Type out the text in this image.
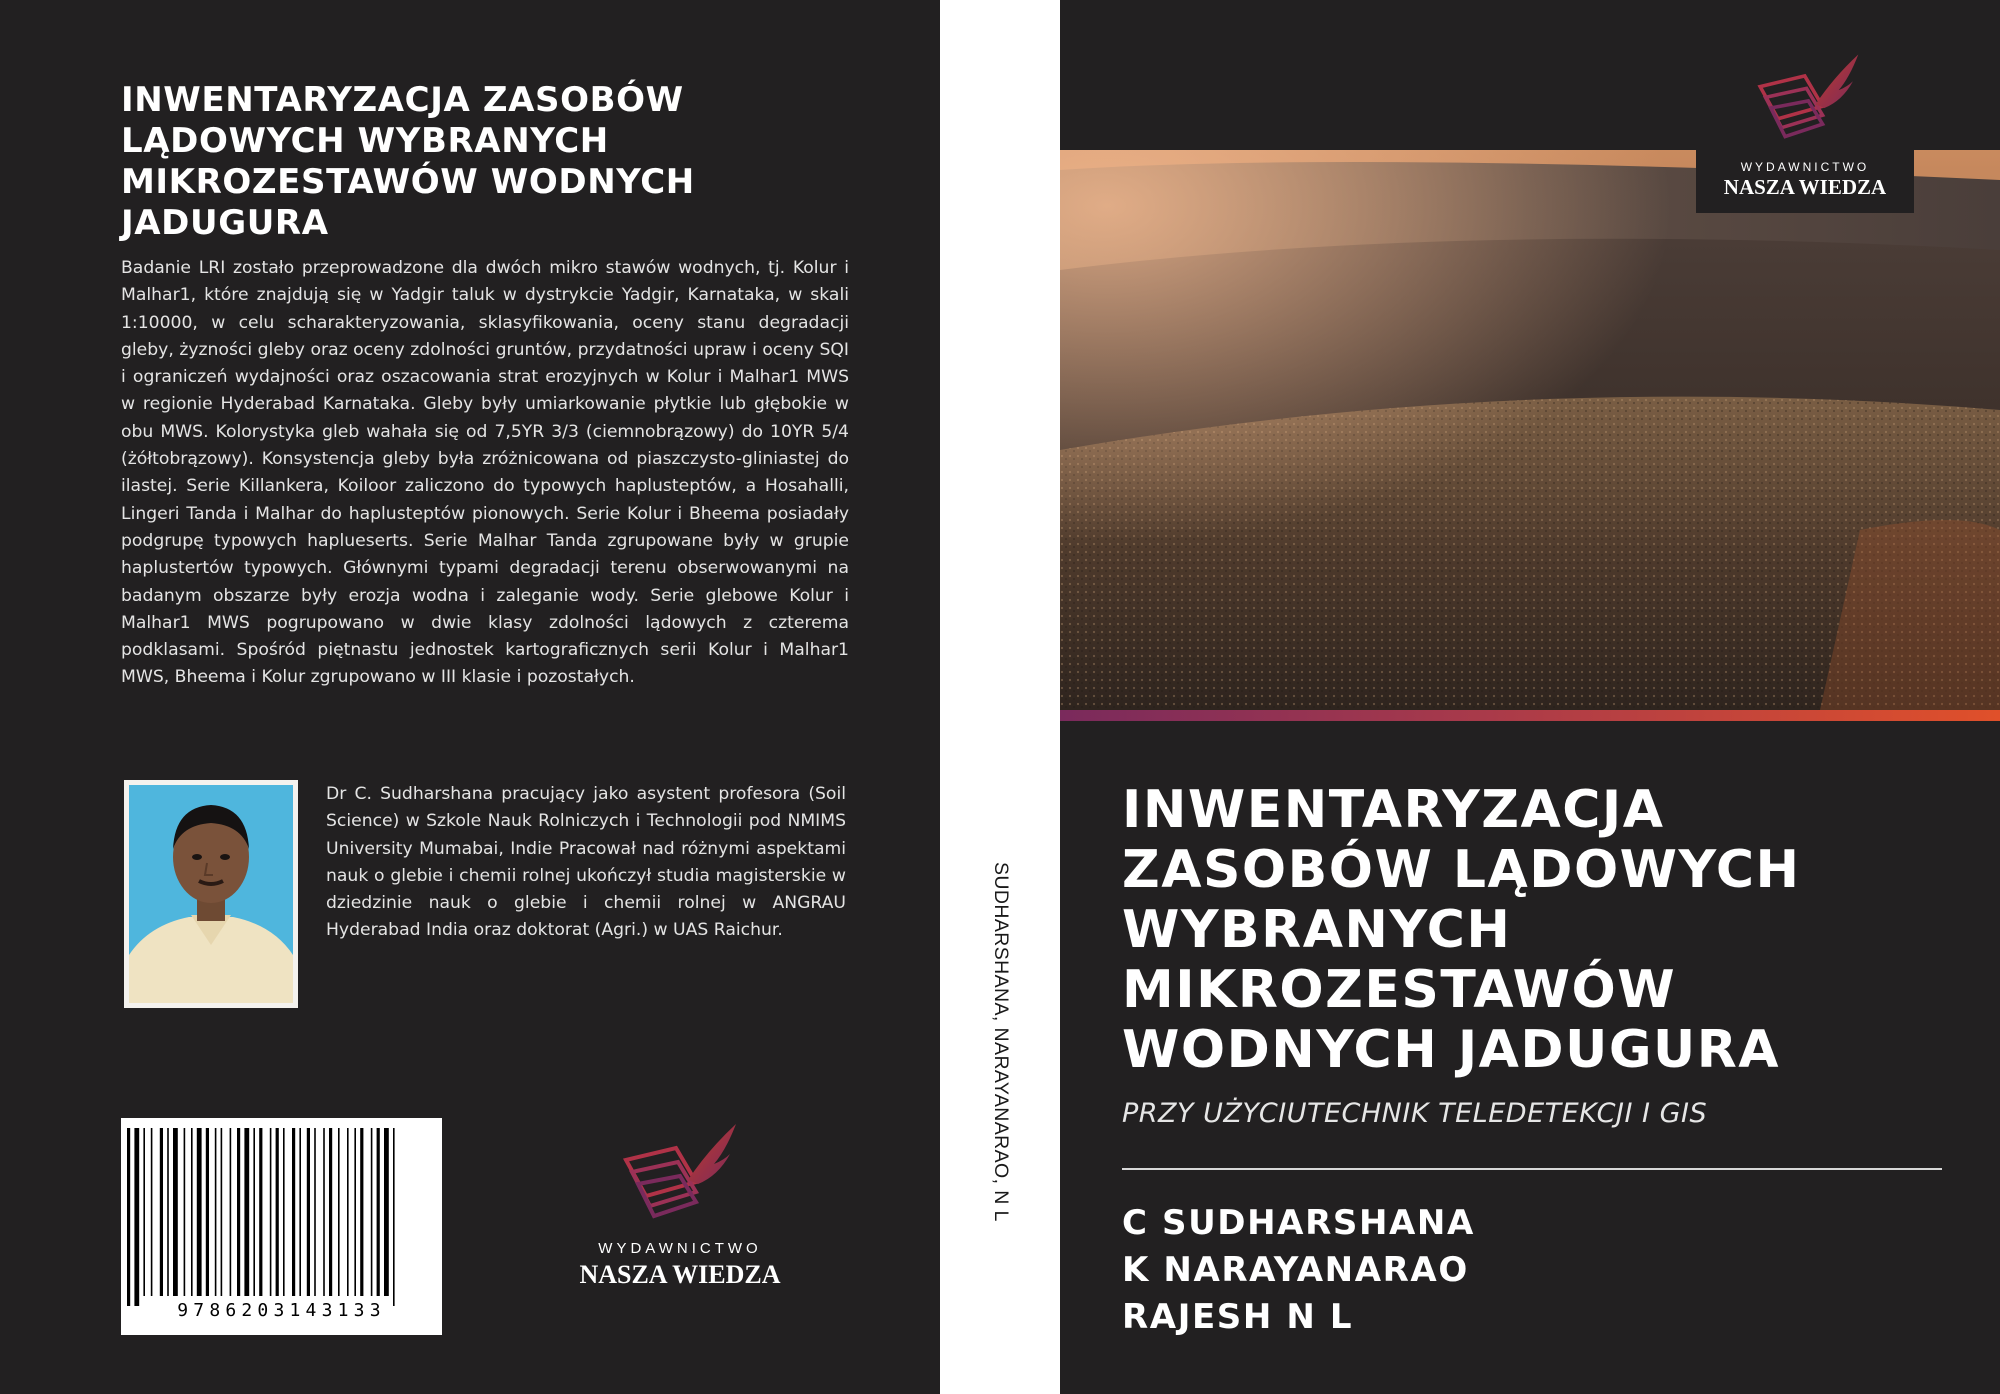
INWENTARYZACJA ZASOBÓW LĄDOWYCH WYBRANYCH MIKROZESTAWÓW WODNYCH JADUGURA

Badanie LRI zostało przeprowadzone dla dwóch mikro stawów wodnych, tj. Kolur i Malhar1, które znajdują się w Yadgir taluk w dystrykcie Yadgir, Karnataka, w skali 1:10000, w celu scharakteryzowania, sklasyfikowania, oceny stanu degradacji gleby, żyzności gleby oraz oceny zdolności gruntów, przydatności upraw i oceny SQI i ograniczeń wydajności oraz oszacowania strat erozyjnych w Kolur i Malhar1 MWS w regionie Hyderabad Karnataka. Gleby były umiarkowanie płytkie lub głębokie w obu MWS. Kolorystyka gleb wahała się od 7,5YR 3/3 (ciemnobrązowy) do 10YR 5/4 (żółtobrązowy). Konsystencja gleby była zróżnicowana od piaszczysto-gliniastej do ilastej. Serie Killankera, Koiloor zaliczono do typowych haplusteptów, a Hosahalli, Lingeri Tanda i Malhar do haplusteptów pionowych. Serie Kolur i Bheema posiadały podgrupę typowych haplueserts. Serie Malhar Tanda zgrupowane były w grupie haplustertów typowych. Głównymi typami degradacji terenu obserwowanymi na badanym obszarze były erozja wodna i zaleganie wody. Serie glebowe Kolur i Malhar1 MWS pogrupowano w dwie klasy zdolności lądowych z czterema podklasami. Spośród piętnastu jednostek kartograficznych serii Kolur i Malhar1 MWS, Bheema i Kolur zgrupowano w III klasie i pozostałych.

Dr C. Sudharshana pracujący jako asystent profesora (Soil Science) w Szkole Nauk Rolniczych i Technologii pod NMIMS University Mumabai, Indie Pracował nad różnymi aspektami nauk o glebie i chemii rolnej ukończył studia magisterskie w dziedzinie nauk o glebie i chemii rolnej w ANGRAU Hyderabad India oraz doktorat (Agri.) w UAS Raichur.

9786203143133
WYDAWNICTWO
NASZA WIEDZA
SUDHARSHANA, NARAYANARAO, N L
WYDAWNICTWO
NASZA WIEDZA
INWENTARYZACJA ZASOBÓW LĄDOWYCH WYBRANYCH MIKROZESTAWÓW WODNYCH JADUGURA

PRZY UŻYCIUTECHNIK TELEDETEKCJI I GIS

C SUDHARSHANA
K NARAYANARAO
RAJESH N L
